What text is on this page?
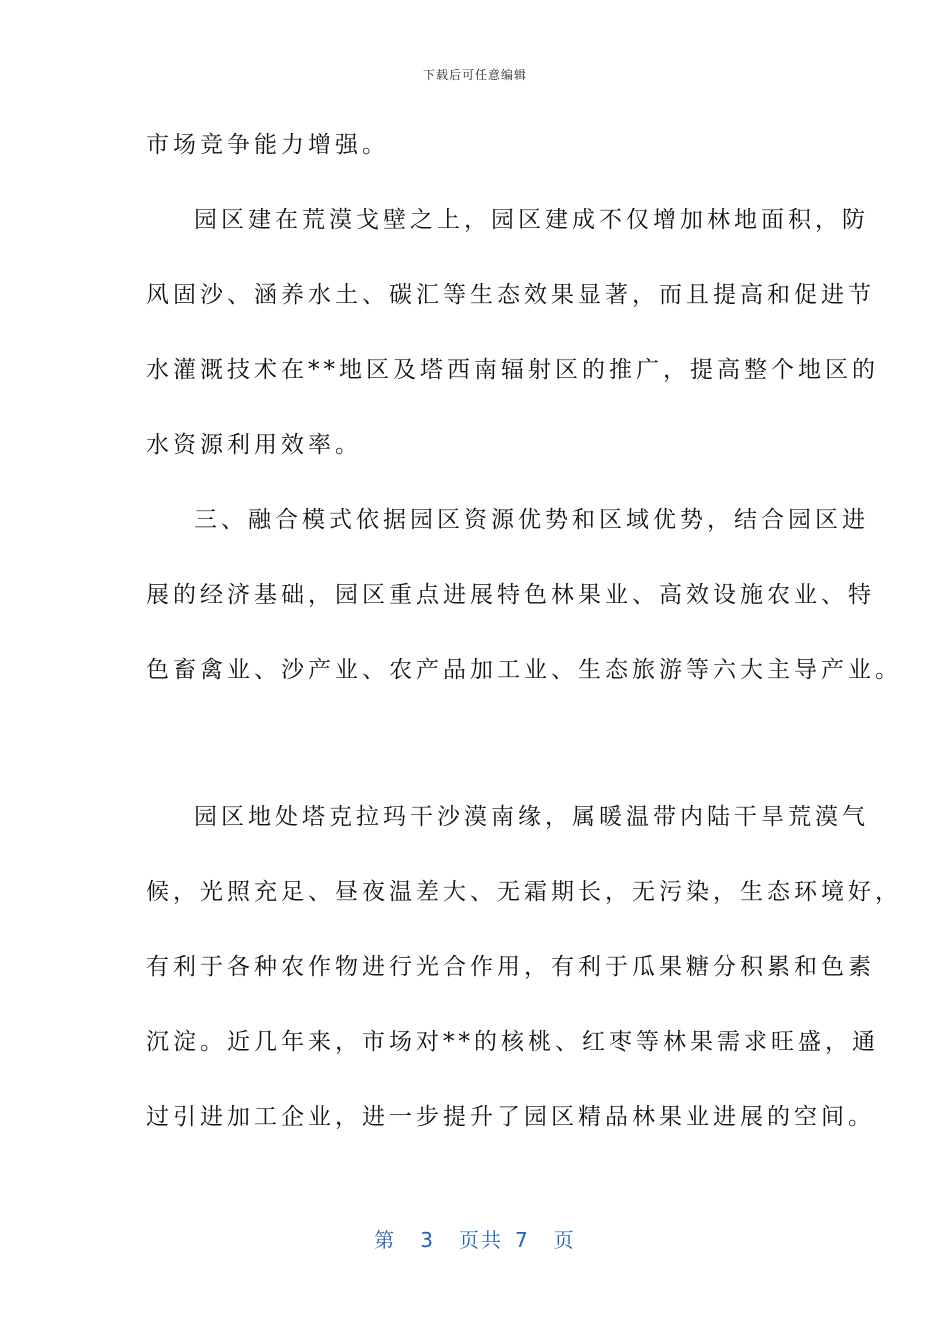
下载后可任意编辑
市场竞争能力增强。
园区建在荒漠戈壁之上，园区建成不仅增加林地面积，防
风固沙、涵养水土、碳汇等生态效果显著，而且提高和促进节
水灌溉技术在**地区及塔西南辐射区的推广，提高整个地区的
水资源利用效率。
三、融合模式依据园区资源优势和区域优势，结合园区进
展的经济基础，园区重点进展特色林果业、高效设施农业、特
色畜禽业、沙产业、农产品加工业、生态旅游等六大主导产业。
园区地处塔克拉玛干沙漠南缘，属暖温带内陆干旱荒漠气
候，光照充足、昼夜温差大、无霜期长，无污染，生态环境好，
有利于各种农作物进行光合作用，有利于瓜果糖分积累和色素
沉淀。近几年来，市场对**的核桃、红枣等林果需求旺盛，通
过引进加工企业，进一步提升了园区精品林果业进展的空间。
第 3 页共 7 页
